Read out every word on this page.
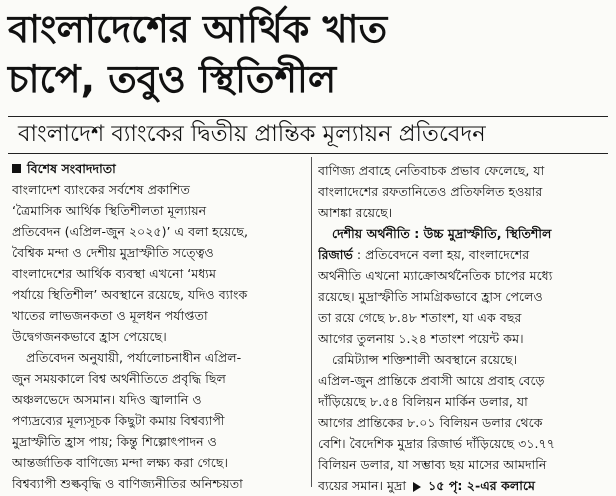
বাংলাদেশের আর্থিক খাত
চাপে, তবুও স্থিতিশীল
বাংলাদেশ ব্যাংকের দ্বিতীয় প্রান্তিক মূল্যায়ন প্রতিবেদন
বিশেষ সংবাদদাতা
বাংলাদেশ ব্যাংকের সর্বশেষ প্রকাশিত
‘ত্রৈমাসিক আর্থিক স্থিতিশীলতা মূল্যায়ন
প্রতিবেদন (এপ্রিল-জুন ২০২৫)’ এ বলা হয়েছে,
বৈশ্বিক মন্দা ও দেশীয় মুদ্রাস্ফীতি সত্ত্বেও
বাংলাদেশের আর্থিক ব্যবস্থা এখনো ‘মধ্যম
পর্যায়ে স্থিতিশীল’ অবস্থানে রয়েছে, যদিও ব্যাংক
খাতের লাভজনকতা ও মূলধন পর্যাপ্ততা
উদ্বেগজনকভাবে হ্রাস পেয়েছে।
প্রতিবেদন অনুযায়ী, পর্যালোচনাধীন এপ্রিল-
জুন সময়কালে বিশ্ব অর্থনীতিতে প্রবৃদ্ধি ছিল
অঞ্চলভেদে অসমান। যদিও জ্বালানি ও
পণ্যদ্রব্যের মূল্যসূচক কিছুটা কমায় বিশ্বব্যাপী
মুদ্রাস্ফীতি হ্রাস পায়; কিন্তু শিল্পোৎপাদন ও
আন্তর্জাতিক বাণিজ্যে মন্দা লক্ষ্য করা গেছে।
বিশ্বব্যাপী শুল্কবৃদ্ধি ও বাণিজ্যনীতির অনিশ্চয়তা
বাণিজ্য প্রবাহে নেতিবাচক প্রভাব ফেলেছে, যা
বাংলাদেশের রফতানিতেও প্রতিফলিত হওয়ার
আশঙ্কা রয়েছে।
দেশীয় অর্থনীতি : উচ্চ মুদ্রাস্ফীতি, স্থিতিশীল
রিজার্ভ : প্রতিবেদনে বলা হয়, বাংলাদেশের
অর্থনীতি এখনো ম্যাক্রোঅর্থনৈতিক চাপের মধ্যে
রয়েছে। মুদ্রাস্ফীতি সামগ্রিকভাবে হ্রাস পেলেও
তা রয়ে গেছে ৮.৪৮ শতাংশ, যা এক বছর
আগের তুলনায় ১.২৪ শতাংশ পয়েন্ট কম।
রেমিট্যান্স শক্তিশালী অবস্থানে রয়েছে।
এপ্রিল-জুন প্রান্তিকে প্রবাসী আয়ে প্রবাহ বেড়ে
দাঁড়িয়েছে ৮.৫৪ বিলিয়ন মার্কিন ডলার, যা
আগের প্রান্তিকের ৮.০১ বিলিয়ন ডলার থেকে
বেশি। বৈদেশিক মুদ্রার রিজার্ভ দাঁড়িয়েছে ৩১.৭৭
বিলিয়ন ডলার, যা সম্ভাব্য ছয় মাসের আমদানি
ব্যয়ের সমান। মুদ্রা ১৫ পৃ: ২-এর কলামে
